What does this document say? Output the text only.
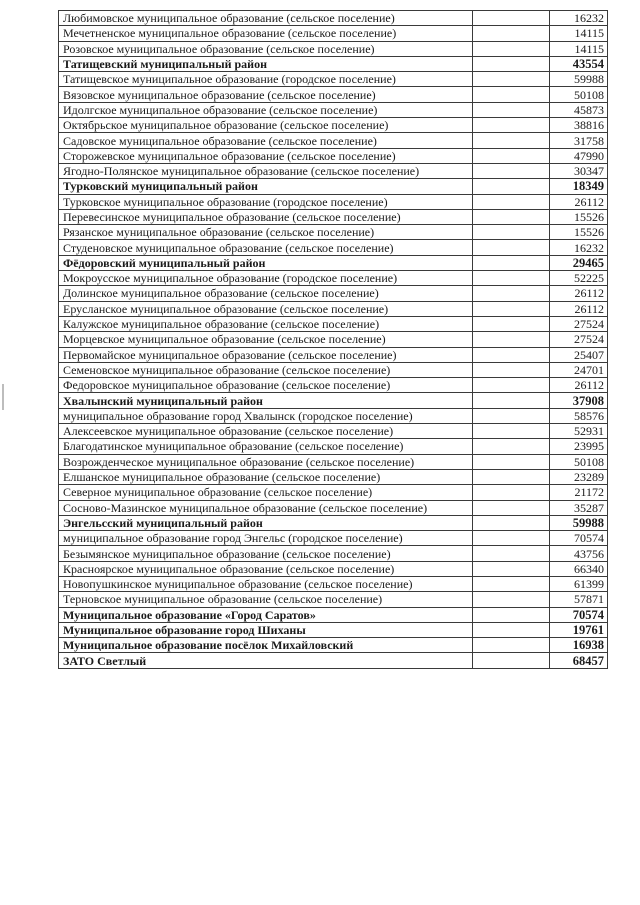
Любимовское муниципальное образование (сельское поселение)		16232
Мечетненское муниципальное образование (сельское поселение)		14115
Розовское муниципальное образование (сельское поселение)		14115
Татищевский муниципальный район		43554
Татищевское муниципальное образование (городское поселение)		59988
Вязовское муниципальное образование (сельское поселение)		50108
Идолгское муниципальное образование (сельское поселение)		45873
Октябрьское муниципальное образование (сельское поселение)		38816
Садовское муниципальное образование (сельское поселение)		31758
Сторожевское муниципальное образование (сельское поселение)		47990
Ягодно-Полянское муниципальное образование (сельское поселение)		30347
Турковский муниципальный район		18349
Турковское муниципальное образование (городское поселение)		26112
Перевесинское муниципальное образование (сельское поселение)		15526
Рязанское муниципальное образование (сельское поселение)		15526
Студеновское муниципальное образование (сельское поселение)		16232
Фёдоровский муниципальный район		29465
Мокроусское муниципальное образование (городское поселение)		52225
Долинское муниципальное образование (сельское поселение)		26112
Ерусланское муниципальное образование (сельское поселение)		26112
Калужское муниципальное образование (сельское поселение)		27524
Морцевское муниципальное образование (сельское поселение)		27524
Первомайское муниципальное образование (сельское поселение)		25407
Семеновское муниципальное образование (сельское поселение)		24701
Федоровское муниципальное образование (сельское поселение)		26112
Хвалынский муниципальный район		37908
муниципальное образование город Хвалынск (городское поселение)		58576
Алексеевское муниципальное образование (сельское поселение)		52931
Благодатинское муниципальное образование (сельское поселение)		23995
Возрожденческое муниципальное образование (сельское поселение)		50108
Елшанское муниципальное образование (сельское поселение)		23289
Северное муниципальное образование (сельское поселение)		21172
Сосново-Мазинское муниципальное образование (сельское поселение)		35287
Энгельсский муниципальный район		59988
муниципальное образование город Энгельс (городское поселение)		70574
Безымянское муниципальное образование (сельское поселение)		43756
Красноярское муниципальное образование (сельское поселение)		66340
Новопушкинское муниципальное образование (сельское поселение)		61399
Терновское муниципальное образование (сельское поселение)		57871
Муниципальное образование «Город Саратов»		70574
Муниципальное образование город Шиханы		19761
Муниципальное образование посёлок Михайловский		16938
ЗАТО Светлый		68457
